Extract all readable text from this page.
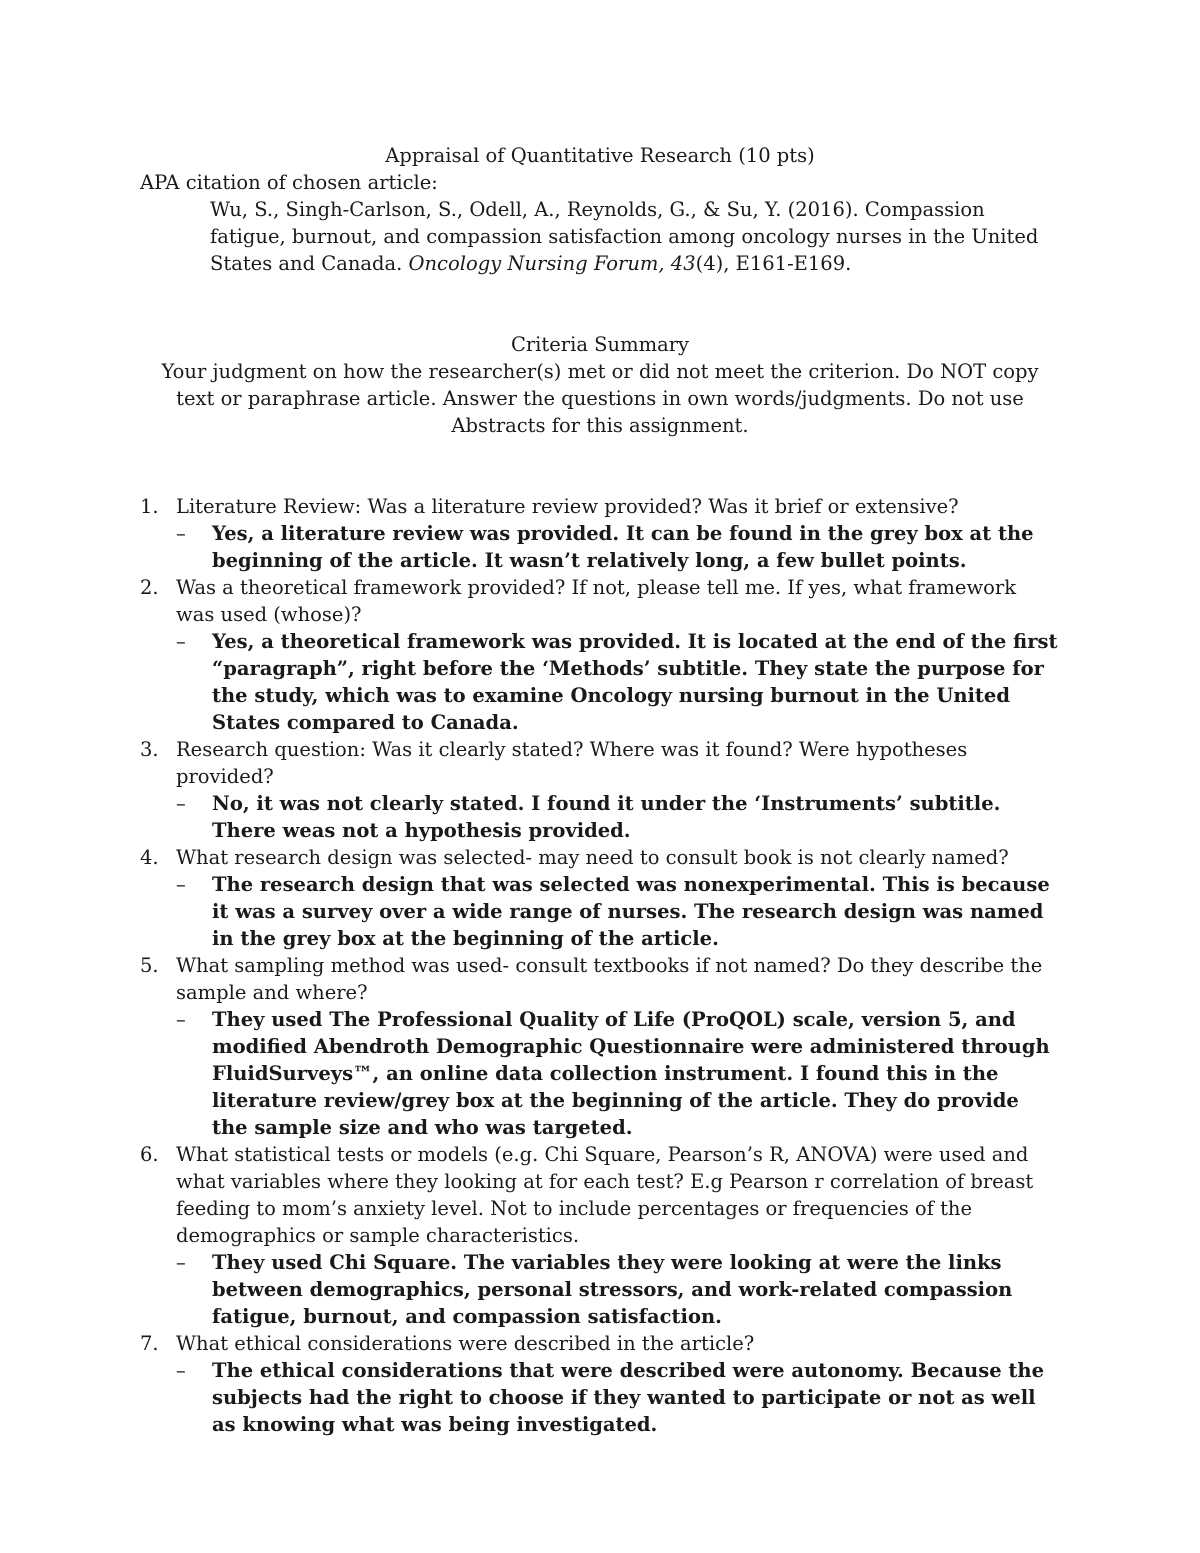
Appraisal of Quantitative Research (10 pts)

APA citation of chosen article:

Wu, S., Singh-Carlson, S., Odell, A., Reynolds, G., & Su, Y. (2016). Compassion fatigue, burnout, and compassion satisfaction among oncology nurses in the United States and Canada. Oncology Nursing Forum, 43(4), E161-E169.

Criteria Summary

Your judgment on how the researcher(s) met or did not meet the criterion. Do NOT copy text or paraphrase article. Answer the questions in own words/judgments. Do not use Abstracts for this assignment.

1. Literature Review: Was a literature review provided? Was it brief or extensive?
– Yes, a literature review was provided. It can be found in the grey box at the beginning of the article. It wasn’t relatively long, a few bullet points.
2. Was a theoretical framework provided? If not, please tell me. If yes, what framework was used (whose)?
– Yes, a theoretical framework was provided. It is located at the end of the first “paragraph”, right before the ‘Methods’ subtitle. They state the purpose for the study, which was to examine Oncology nursing burnout in the United States compared to Canada.
3. Research question: Was it clearly stated? Where was it found? Were hypotheses provided?
– No, it was not clearly stated. I found it under the ‘Instruments’ subtitle. There weas not a hypothesis provided.
4. What research design was selected- may need to consult book is not clearly named?
– The research design that was selected was nonexperimental. This is because it was a survey over a wide range of nurses. The research design was named in the grey box at the beginning of the article.
5. What sampling method was used- consult textbooks if not named? Do they describe the sample and where?
– They used The Professional Quality of Life (ProQOL) scale, version 5, and modified Abendroth Demographic Questionnaire were administered through FluidSurveys™, an online data collection instrument. I found this in the literature review/grey box at the beginning of the article. They do provide the sample size and who was targeted.
6. What statistical tests or models (e.g. Chi Square, Pearson’s R, ANOVA) were used and what variables where they looking at for each test? E.g Pearson r correlation of breast feeding to mom’s anxiety level. Not to include percentages or frequencies of the demographics or sample characteristics.
– They used Chi Square. The variables they were looking at were the links between demographics, personal stressors, and work-related compassion fatigue, burnout, and compassion satisfaction.
7. What ethical considerations were described in the article?
– The ethical considerations that were described were autonomy. Because the subjects had the right to choose if they wanted to participate or not as well as knowing what was being investigated.
